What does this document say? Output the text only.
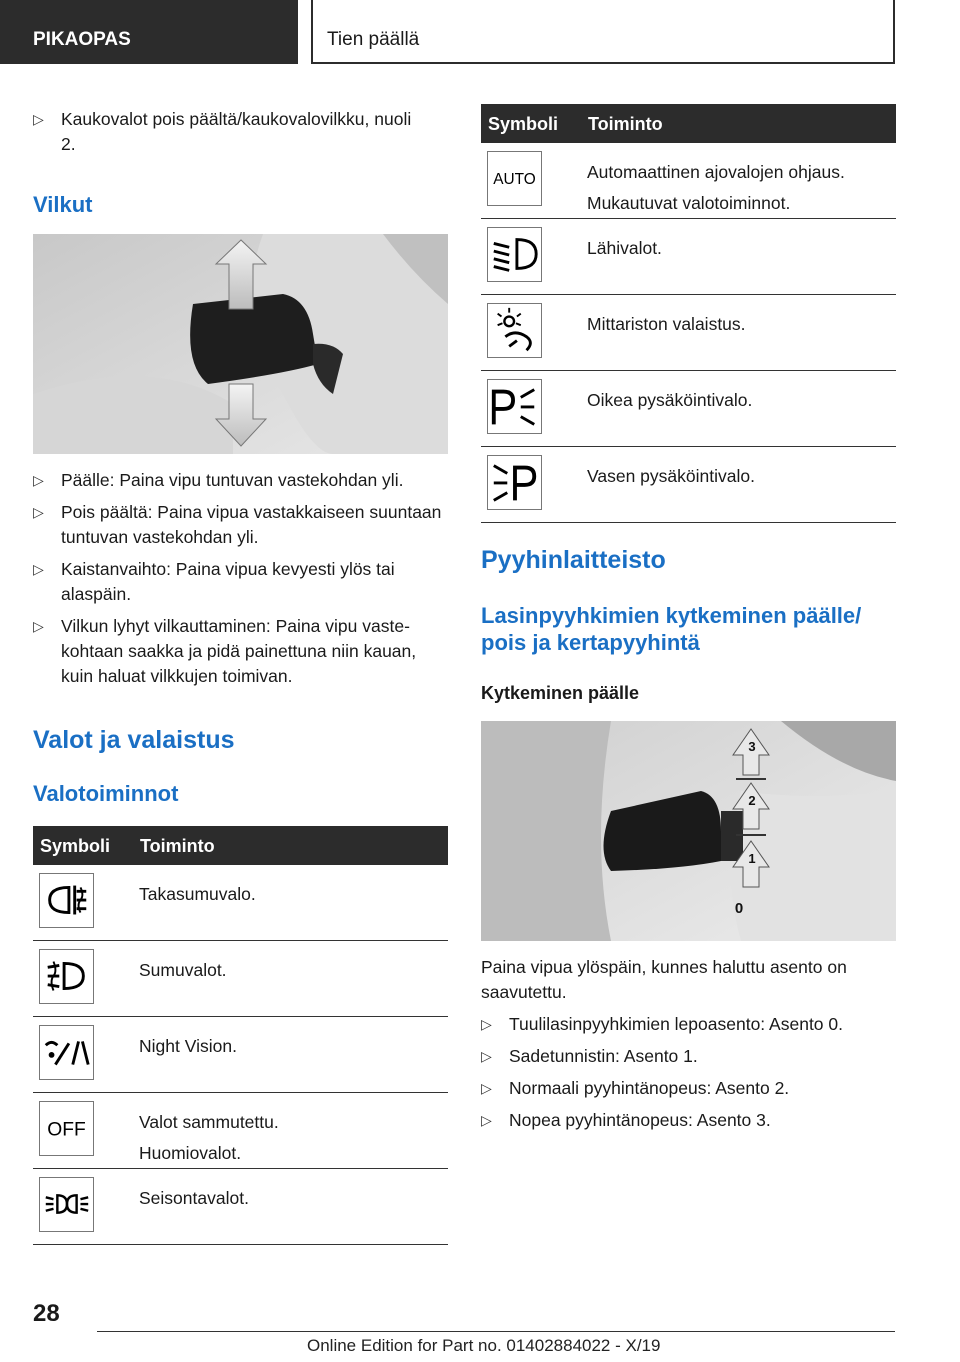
PIKAOPAS	Tien päällä
▷ Kaukovalot pois päältä/kaukovalovilkku, nuoli 2.
Vilkut
▷ Päälle: Paina vipu tuntuvan vastekohdan yli.
▷ Pois päältä: Paina vipua vastakkaiseen suuntaan tuntuvan vastekohdan yli.
▷ Kaistanvaihto: Paina vipua kevyesti ylös tai alaspäin.
▷ Vilkun lyhyt vilkauttaminen: Paina vipu vastekohtaan saakka ja pidä painettuna niin kauan, kuin haluat vilkkujen toimivan.
Valot ja valaistus
Valotoiminnot
Symboli Toiminto
Takasumuvalo.
Sumuvalot.
Night Vision.
OFF	Valot sammutettu.
Huomiovalot.
Seisontavalot.
Symboli Toiminto
AUTO	Automaattinen ajovalojen ohjaus.
Mukautuvat valotoiminnot.
Lähivalot.
Mittariston valaistus.
Oikea pysäköintivalo.
Vasen pysäköintivalo.
Pyyhinlaitteisto
Lasinpyyhkimien kytkeminen päälle/ pois ja kertapyyhintä
Kytkeminen päälle
3
2
1
0
Paina vipua ylöspäin, kunnes haluttu asento on saavutettu.
▷ Tuulilasinpyyhkimien lepoasento: Asento 0.
▷ Sadetunnistin: Asento 1.
▷ Normaali pyyhintänopeus: Asento 2.
▷ Nopea pyyhintänopeus: Asento 3.
28
Online Edition for Part no. 01402884022 - X/19
